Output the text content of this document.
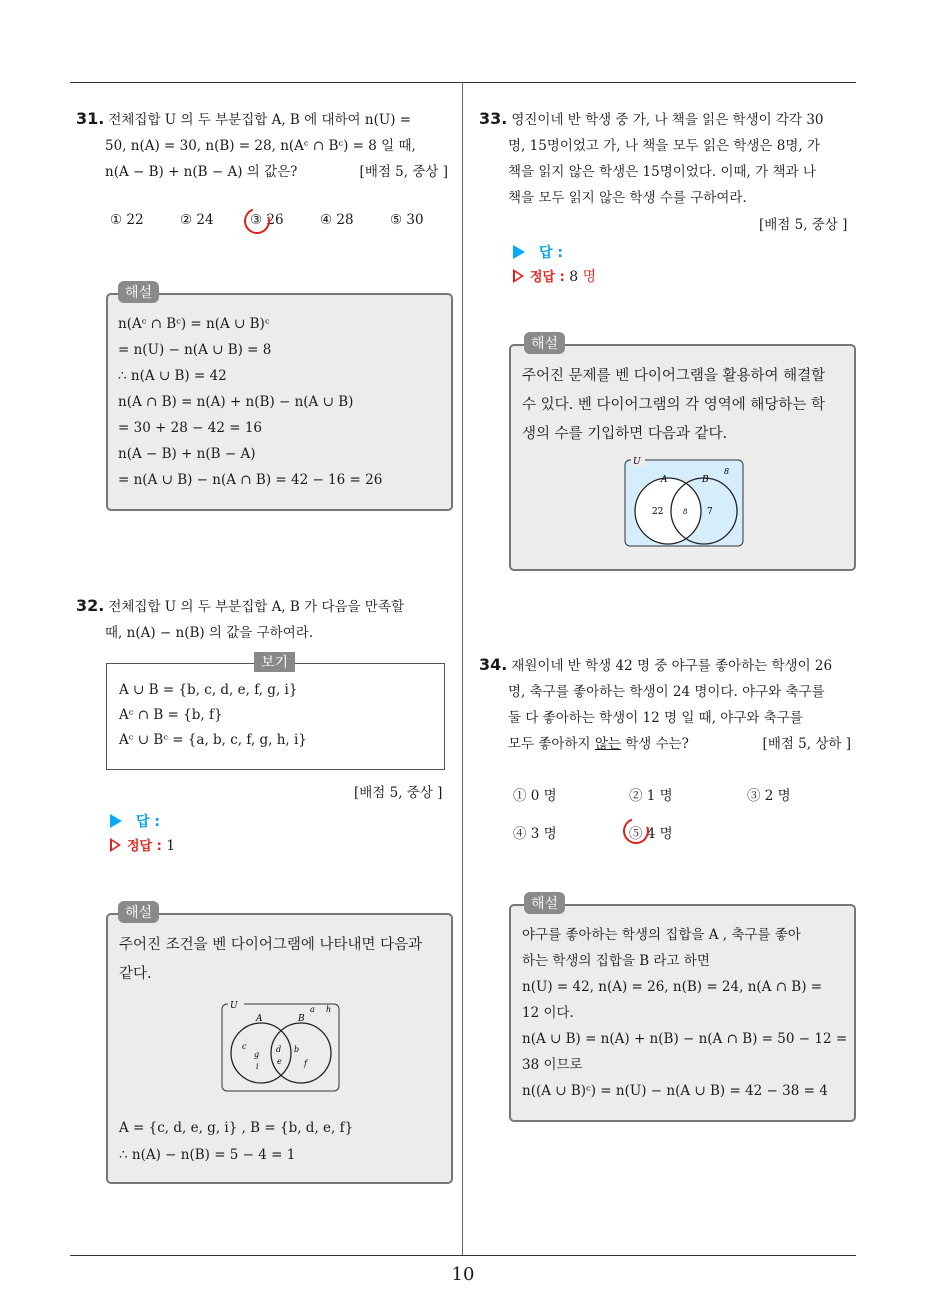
31. 전체집합 U 의 두 부분집합 A, B 에 대하여 n(U) =
50, n(A) = 30, n(B) = 28, n(Aᶜ ∩ Bᶜ) = 8 일 때,
n(A − B) + n(B − A) 의 값은?	[배점 5, 중상 ]
① 22	② 24	③ 26	④ 28	⑤ 30
n(Aᶜ ∩ Bᶜ) = n(A ∪ B)ᶜ
= n(U) − n(A ∪ B) = 8
∴ n(A ∪ B) = 42
n(A ∩ B) = n(A) + n(B) − n(A ∪ B)
= 30 + 28 − 42 = 16
n(A − B) + n(B − A)
= n(A ∪ B) − n(A ∩ B) = 42 − 16 = 26
해설
32. 전체집합 U 의 두 부분집합 A, B 가 다음을 만족할
때, n(A) − n(B) 의 값을 구하여라.
A ∪ B = {b, c, d, e, f, g, i}
Aᶜ ∩ B = {b, f}
Aᶜ ∪ Bᶜ = {a, b, c, f, g, h, i}
보기
[배점 5, 중상 ]
답 :
정답 : 1
주어진 조건을 벤 다이어그램에 나타내면 다음과
같다.
U
A	B
a h
c
g
i
d
e
b
f
A = {c, d, e, g, i} , B = {b, d, e, f}
∴ n(A) − n(B) = 5 − 4 = 1
해설
33. 영진이네 반 학생 중 가, 나 책을 읽은 학생이 각각 30
명, 15명이었고 가, 나 책을 모두 읽은 학생은 8명, 가
책을 읽지 않은 학생은 15명이었다. 이때, 가 책과 나
책을 모두 읽지 않은 학생 수를 구하여라.
[배점 5, 중상 ]
답 :
정답 : 8 명
주어진 문제를 벤 다이어그램을 활용하여 해결할
수 있다. 벤 다이어그램의 각 영역에 해당하는 학
생의 수를 기입하면 다음과 같다.
U
A	B
8
22	8 7
해설
34. 재원이네 반 학생 42 명 중 야구를 좋아하는 학생이 26
명, 축구를 좋아하는 학생이 24 명이다. 야구와 축구를
둘 다 좋아하는 학생이 12 명 일 때, 야구와 축구를
모두 좋아하지 않는 학생 수는?	[배점 5, 상하 ]
① 0 명	② 1 명	③ 2 명
④ 3 명	⑤ 4 명
야구를 좋아하는 학생의 집합을 A , 축구를 좋아
하는 학생의 집합을 B 라고 하면
n(U) = 42, n(A) = 26, n(B) = 24, n(A ∩ B) =
12 이다.
n(A ∪ B) = n(A) + n(B) − n(A ∩ B) = 50 − 12 =
38 이므로
n((A ∪ B)ᶜ) = n(U) − n(A ∪ B) = 42 − 38 = 4
해설
10
